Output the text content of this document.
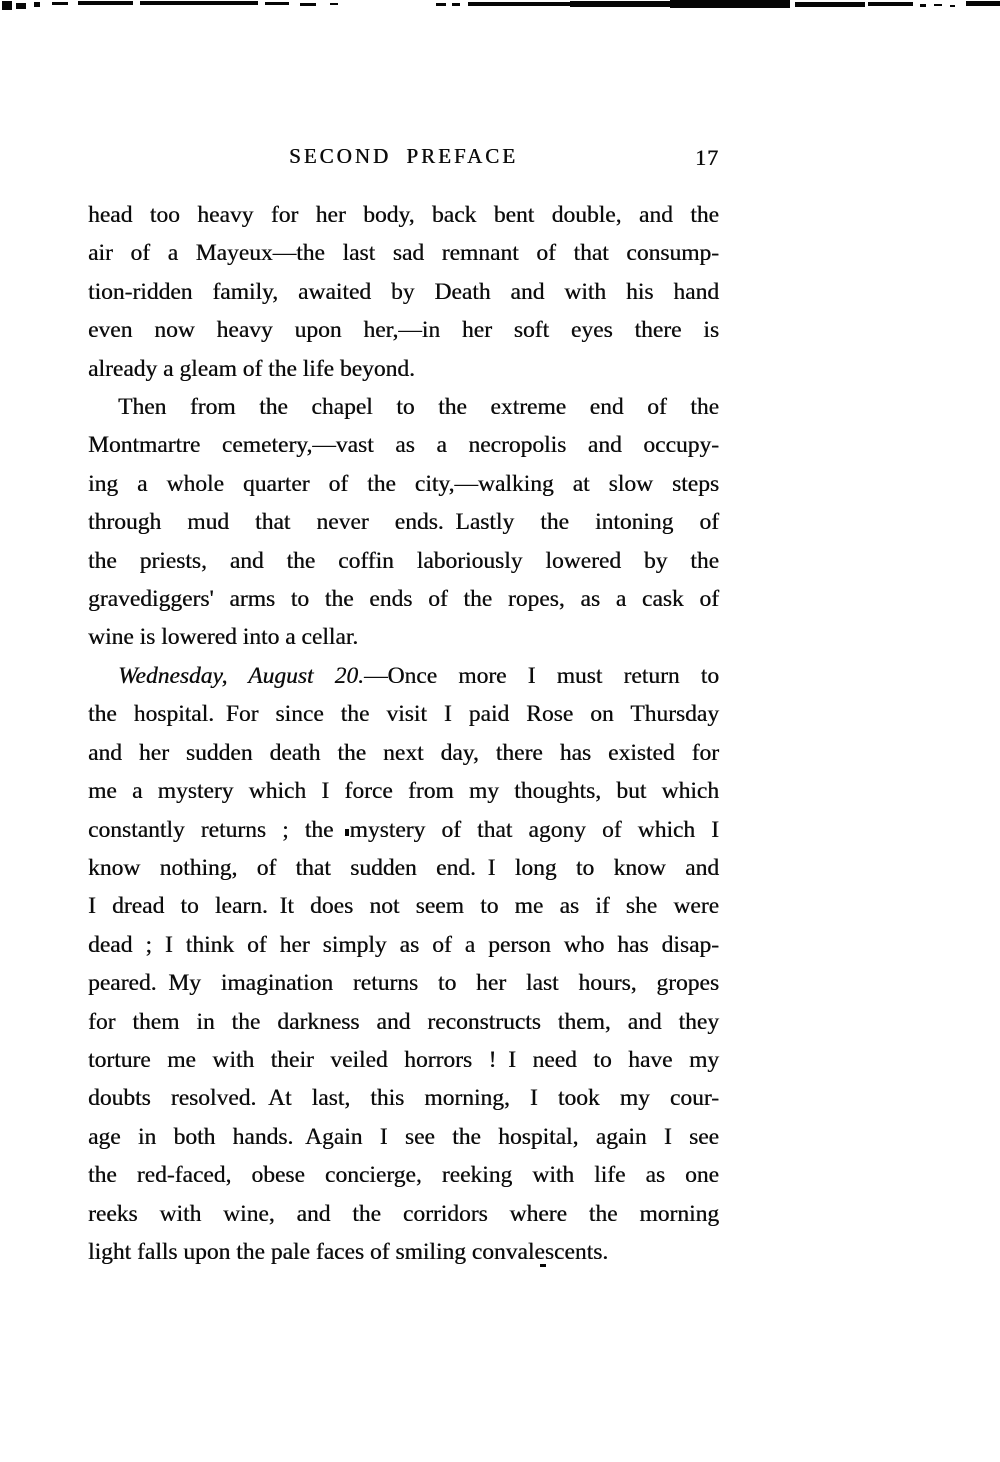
SECOND PREFACE	17
head too heavy for her body, back bent double, and the
air of a Mayeux—the last sad remnant of that consump-
tion-ridden family, awaited by Death and with his hand
even now heavy upon her,—in her soft eyes there is
already a gleam of the life beyond.
Then from the chapel to the extreme end of the
Montmartre cemetery,—vast as a necropolis and occupy-
ing a whole quarter of the city,—walking at slow steps
through mud that never ends. Lastly the intoning of
the priests, and the coffin laboriously lowered by the
gravediggers' arms to the ends of the ropes, as a cask of
wine is lowered into a cellar.
Wednesday, August 20.—Once more I must return to
the hospital. For since the visit I paid Rose on Thursday
and her sudden death the next day, there has existed for
me a mystery which I force from my thoughts, but which
constantly returns ; the mystery of that agony of which I
know nothing, of that sudden end. I long to know and
I dread to learn. It does not seem to me as if she were
dead ; I think of her simply as of a person who has disap-
peared. My imagination returns to her last hours, gropes
for them in the darkness and reconstructs them, and they
torture me with their veiled horrors ! I need to have my
doubts resolved. At last, this morning, I took my cour-
age in both hands. Again I see the hospital, again I see
the red-faced, obese concierge, reeking with life as one
reeks with wine, and the corridors where the morning
light falls upon the pale faces of smiling convalescents.
